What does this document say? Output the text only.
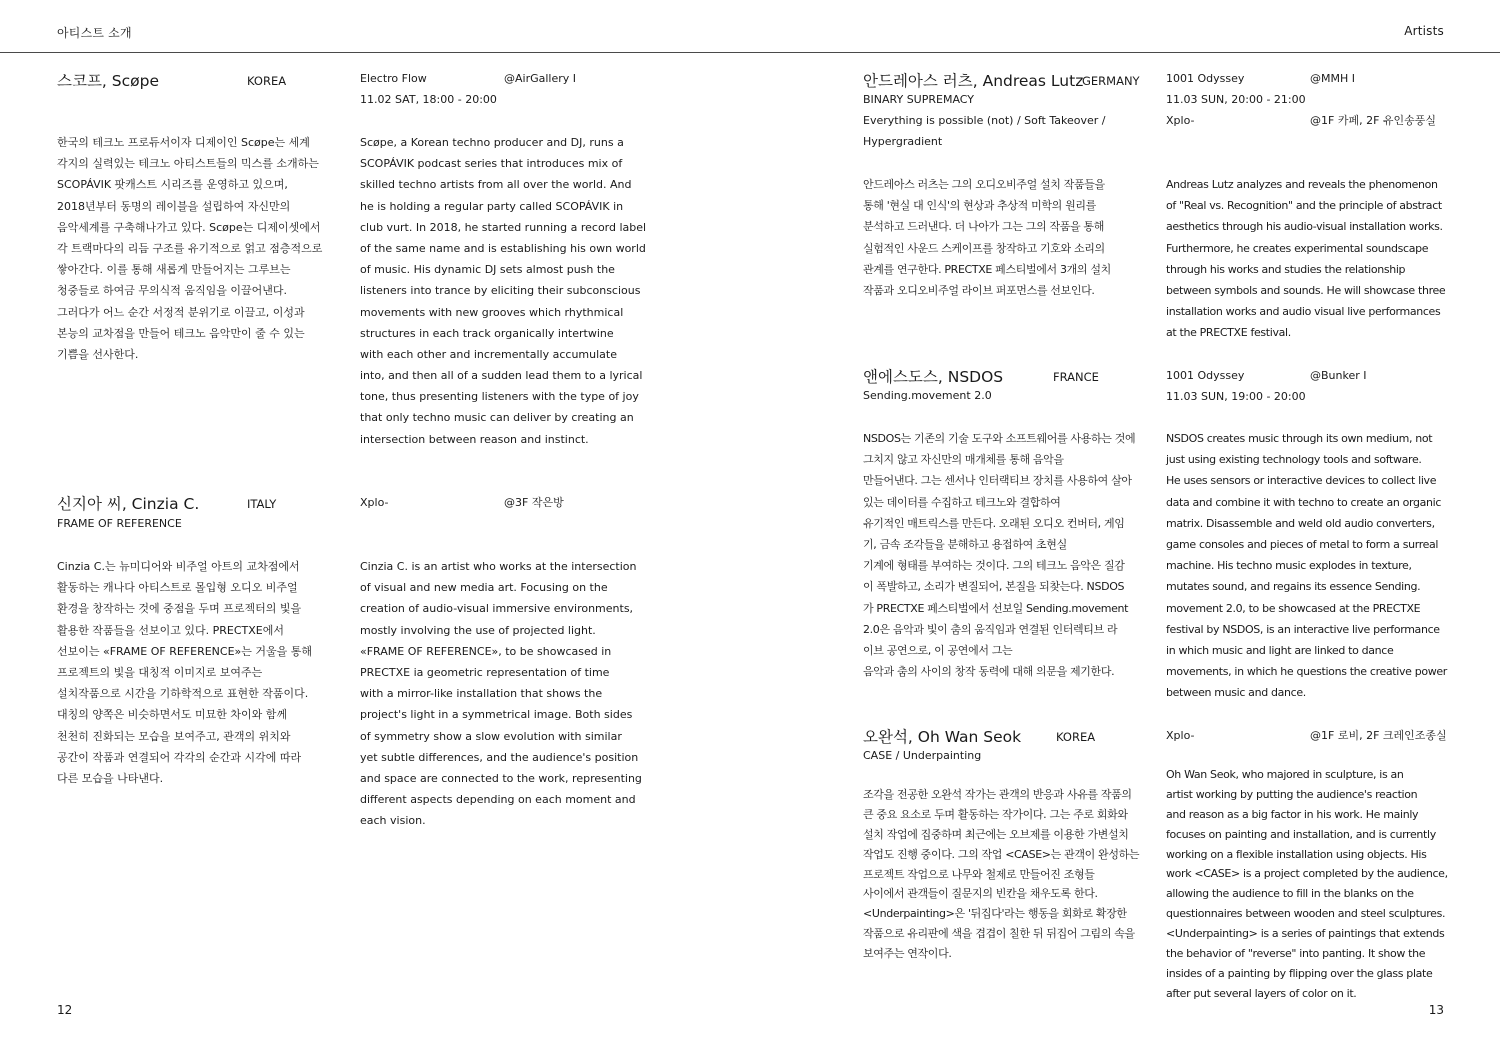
아티스트 소개	Artists
스코프, Scøpe	KOREA	Electro Flow	@AirGallery I
11.02 SAT, 18:00 - 20:00
한국의 테크노 프로듀서이자 디제이인 Scøpe는 세계
각지의 실력있는 테크노 아티스트들의 믹스를 소개하는
SCOPÁVIK 팟캐스트 시리즈를 운영하고 있으며,
2018년부터 동명의 레이블을 설립하여 자신만의
음악세계를 구축해나가고 있다. Scøpe는 디제이셋에서
각 트랙마다의 리듬 구조를 유기적으로 얽고 점층적으로
쌓아간다. 이를 통해 새롭게 만들어지는 그루브는
청중들로 하여금 무의식적 움직임을 이끌어낸다.
그러다가 어느 순간 서정적 분위기로 이끌고, 이성과
본능의 교차점을 만들어 테크노 음악만이 줄 수 있는
기쁨을 선사한다.
Scøpe, a Korean techno producer and DJ, runs a
SCOPÁVIK podcast series that introduces mix of
skilled techno artists from all over the world. And
he is holding a regular party called SCOPÁVIK in
club vurt. In 2018, he started running a record label
of the same name and is establishing his own world
of music. His dynamic DJ sets almost push the
listeners into trance by eliciting their subconscious
movements with new grooves which rhythmical
structures in each track organically intertwine
with each other and incrementally accumulate
into, and then all of a sudden lead them to a lyrical
tone, thus presenting listeners with the type of joy
that only techno music can deliver by creating an
intersection between reason and instinct.
신지아 씨, Cinzia C.	ITALY
FRAME OF REFERENCE
Xplo-	@3F 작은방
Cinzia C.는 뉴미디어와 비주얼 아트의 교차점에서
활동하는 캐나다 아티스트로 몰입형 오디오 비주얼
환경을 창작하는 것에 중점을 두며 프로젝터의 빛을
활용한 작품들을 선보이고 있다. PRECTXE에서
선보이는 «FRAME OF REFERENCE»는 거울을 통해
프로젝트의 빛을 대칭적 이미지로 보여주는
설치작품으로 시간을 기하학적으로 표현한 작품이다.
대칭의 양쪽은 비슷하면서도 미묘한 차이와 함께
천천히 진화되는 모습을 보여주고, 관객의 위치와
공간이 작품과 연결되어 각각의 순간과 시각에 따라
다른 모습을 나타낸다.
Cinzia C. is an artist who works at the intersection
of visual and new media art. Focusing on the
creation of audio-visual immersive environments,
mostly involving the use of projected light.
«FRAME OF REFERENCE», to be showcased in
PRECTXE ia geometric representation of time
with a mirror-like installation that shows the
project's light in a symmetrical image. Both sides
of symmetry show a slow evolution with similar
yet subtle differences, and the audience's position
and space are connected to the work, representing
different aspects depending on each moment and
each vision.
안드레아스 러츠, Andreas Lutz
GERMANY
BINARY SUPREMACY
Everything is possible (not) / Soft Takeover /
Hypergradient
1001 Odyssey	@MMH I
11.03 SUN, 20:00 - 21:00
Xplo-	@1F 카페, 2F 유인송풍실
안드레아스 러츠는 그의 오디오비주얼 설치 작품들을
통해 '현실 대 인식'의 현상과 추상적 미학의 원리를
분석하고 드러낸다. 더 나아가 그는 그의 작품을 통해
실험적인 사운드 스케이프를 창작하고 기호와 소리의
관계를 연구한다. PRECTXE 페스티벌에서 3개의 설치
작품과 오디오비주얼 라이브 퍼포먼스를 선보인다.
Andreas Lutz analyzes and reveals the phenomenon
of "Real vs. Recognition" and the principle of abstract
aesthetics through his audio-visual installation works.
Furthermore, he creates experimental soundscape
through his works and studies the relationship
between symbols and sounds. He will showcase three
installation works and audio visual live performances
at the PRECTXE festival.
앤에스도스, NSDOS	FRANCE
Sending.movement 2.0
1001 Odyssey	@Bunker I
11.03 SUN, 19:00 - 20:00
NSDOS는 기존의 기술 도구와 소프트웨어를 사용하는 것에
그치지 않고 자신만의 매개체를 통해 음악을
만들어낸다. 그는 센서나 인터랙티브 장치를 사용하여 살아
있는 데이터를 수집하고 테크노와 결합하여
유기적인 매트릭스를 만든다. 오래된 오디오 컨버터, 게임
기, 금속 조각들을 분해하고 용접하여 초현실
기계에 형태를 부여하는 것이다. 그의 테크노 음악은 질감
이 폭발하고, 소리가 변질되어, 본질을 되찾는다. NSDOS
가 PRECTXE 페스티벌에서 선보일 Sending.movement
2.0은 음악과 빛이 춤의 움직임과 연결된 인터렉티브 라
이브 공연으로, 이 공연에서 그는
음악과 춤의 사이의 창작 동력에 대해 의문을 제기한다.
NSDOS creates music through its own medium, not
just using existing technology tools and software.
He uses sensors or interactive devices to collect live
data and combine it with techno to create an organic
matrix. Disassemble and weld old audio converters,
game consoles and pieces of metal to form a surreal
machine. His techno music explodes in texture,
mutates sound, and regains its essence Sending.
movement 2.0, to be showcased at the PRECTXE
festival by NSDOS, is an interactive live performance
in which music and light are linked to dance
movements, in which he questions the creative power
between music and dance.
오완석, Oh Wan Seok	KOREA
CASE / Underpainting
Xplo-	@1F 로비, 2F 크레인조종실
조각을 전공한 오완석 작가는 관객의 반응과 사유를 작품의
큰 중요 요소로 두며 활동하는 작가이다. 그는 주로 회화와
설치 작업에 집중하며 최근에는 오브제를 이용한 가변설치
작업도 진행 중이다. 그의 작업 <CASE>는 관객이 완성하는
프로젝트 작업으로 나무와 철제로 만들어진 조형들
사이에서 관객들이 질문지의 빈칸을 채우도록 한다.
<Underpainting>은 '뒤집다'라는 행동을 회화로 확장한
작품으로 유리판에 색을 겹겹이 칠한 뒤 뒤집어 그림의 속을
보여주는 연작이다.
Oh Wan Seok, who majored in sculpture, is an
artist working by putting the audience's reaction
and reason as a big factor in his work. He mainly
focuses on painting and installation, and is currently
working on a flexible installation using objects. His
work <CASE> is a project completed by the audience,
allowing the audience to fill in the blanks on the
questionnaires between wooden and steel sculptures.
<Underpainting> is a series of paintings that extends
the behavior of "reverse" into panting. It show the
insides of a painting by flipping over the glass plate
after put several layers of color on it.
12	13
